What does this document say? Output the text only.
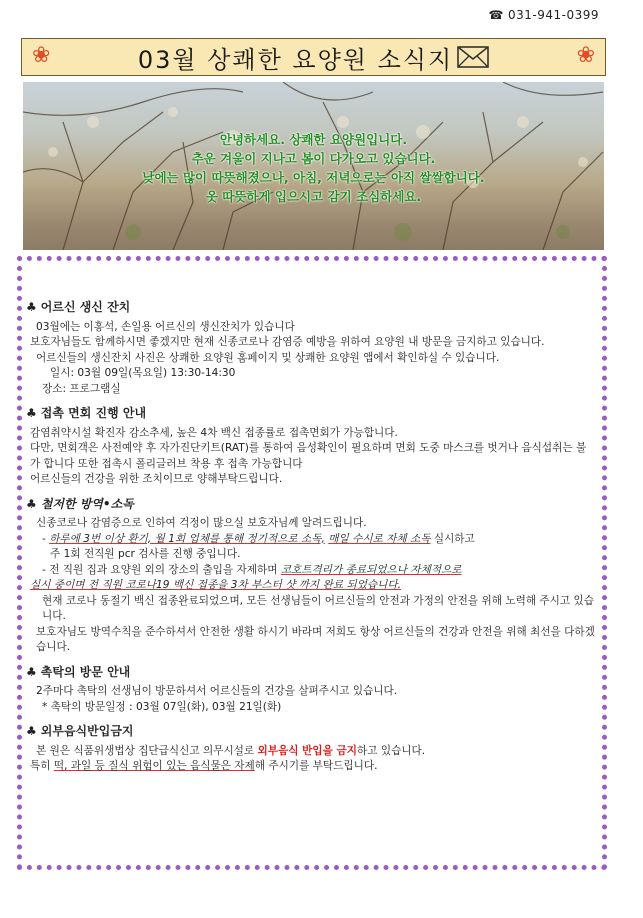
☎ 031-941-0399
❀	03월 상쾌한 요양원 소식지	❀
안녕하세요. 상쾌한 요양원입니다.
추운 겨울이 지나고 봄이 다가오고 있습니다.
낮에는 많이 따뜻해졌으나, 아침, 저녁으로는 아직 쌀쌀합니다.
옷 따뜻하게 입으시고 감기 조심하세요.
♣ 어르신 생신 잔치

03월에는 이홍석, 손일용 어르신의 생신잔치가 있습니다

보호자님들도 함께하시면 좋겠지만 현재 신종코로나 감염증 예방을 위하여 요양원 내 방문을 금지하고 있습니다.

어르신들의 생신잔치 사진은 상쾌한 요양원 홈페이지 및 상쾌한 요양원 앱에서 확인하실 수 있습니다.

일시: 03월 09일(목요일) 13:30-14:30

장소: 프로그램실

♣ 접촉 면회 진행 안내

감염취약시설 확진자 감소추세, 높은 4차 백신 접종률로 접촉면회가 가능합니다.

다만, 면회객은 사전예약 후 자가진단키트(RAT)를 통하여 음성확인이 필요하며 면회 도중 마스크를 벗거나 음식섭취는 불가 합니다 또한 접촉시 폴리글러브 착용 후 접촉 가능합니다

어르신들의 건강을 위한 조치이므로 양해부탁드립니다.

♣ 철저한 방역•소독

신종코로나 감염증으로 인하여 걱정이 많으실 보호자님께 알려드립니다.

- 하루에 3번 이상 환기, 월 1회 업체를 통해 정기적으로 소독, 매일 수시로 자체 소독 실시하고

주 1회 전직원 pcr 검사를 진행 중입니다.

- 전 직원 집과 요양원 외의 장소의 출입을 자제하며 코호트격리가 종료되었으나 자체적으로

실시 중이며 전 직원 코로나19 백신 접종을 3차 부스터 샷 까지 완료 되었습니다.

현재 코로나 동절기 백신 접종완료되었으며, 모든 선생님들이 어르신들의 안전과 가정의 안전을 위해 노력해 주시고 있습니다.

보호자님도 방역수칙을 준수하셔서 안전한 생활 하시기 바라며 저희도 항상 어르신들의 건강과 안전을 위해 최선을 다하겠습니다.

♣ 촉탁의 방문 안내

2주마다 촉탁의 선생님이 방문하셔서 어르신들의 건강을 살펴주시고 있습니다.

* 촉탁의 방문일정 : 03월 07일(화), 03월 21일(화)

♣ 외부음식반입금지

본 원은 식품위생법상 집단급식신고 의무시설로 외부음식 반입을 금지하고 있습니다.

특히 떡, 과일 등 질식 위험이 있는 음식물은 자제해 주시기를 부탁드립니다.
